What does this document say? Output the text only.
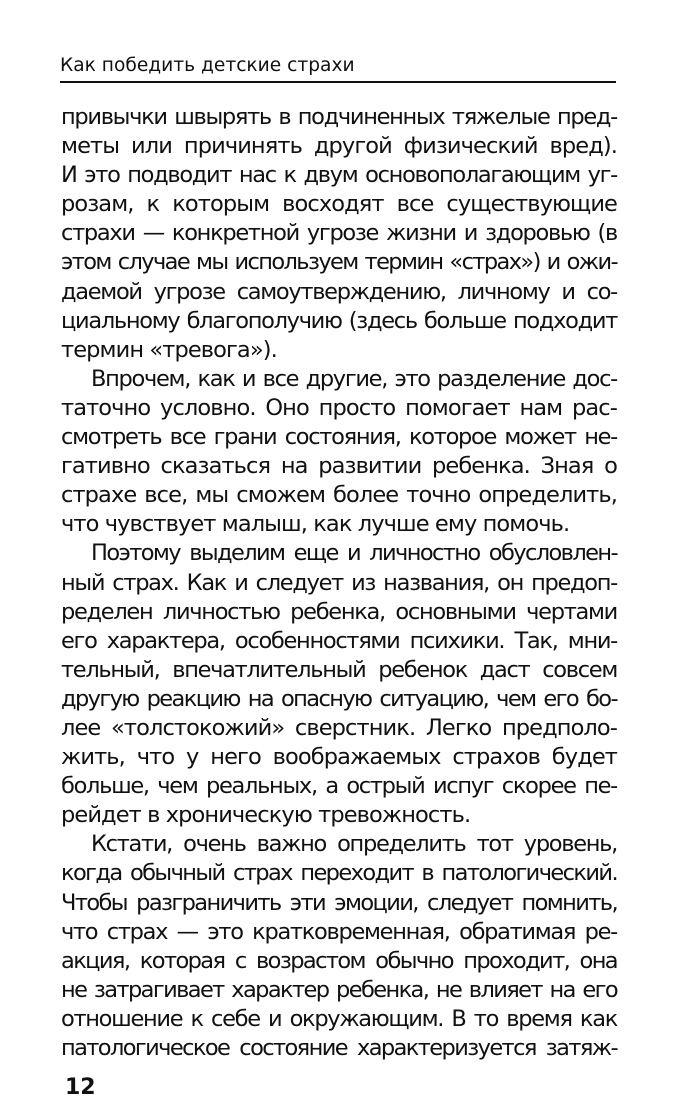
Как победить детские страхи
привычки швырять в подчиненных тяжелые пред-
меты или причинять другой физический вред).
И это подводит нас к двум основополагающим уг-
розам, к которым восходят все существующие
страхи — конкретной угрозе жизни и здоровью (в
этом случае мы используем термин «страх») и ожи-
даемой угрозе самоутверждению, личному и со-
циальному благополучию (здесь больше подходит
термин «тревога»).
Впрочем, как и все другие, это разделение дос-
таточно условно. Оно просто помогает нам рас-
смотреть все грани состояния, которое может не-
гативно сказаться на развитии ребенка. Зная о
страхе все, мы сможем более точно определить,
что чувствует малыш, как лучше ему помочь.
Поэтому выделим еще и личностно обусловлен-
ный страх. Как и следует из названия, он предоп-
ределен личностью ребенка, основными чертами
его характера, особенностями психики. Так, мни-
тельный, впечатлительный ребенок даст совсем
другую реакцию на опасную ситуацию, чем его бо-
лее «толстокожий» сверстник. Легко предполо-
жить, что у него воображаемых страхов будет
больше, чем реальных, а острый испуг скорее пе-
рейдет в хроническую тревожность.
Кстати, очень важно определить тот уровень,
когда обычный страх переходит в патологический.
Чтобы разграничить эти эмоции, следует помнить,
что страх — это кратковременная, обратимая ре-
акция, которая с возрастом обычно проходит, она
не затрагивает характер ребенка, не влияет на его
отношение к себе и окружающим. В то время как
патологическое состояние характеризуется затяж-
12
